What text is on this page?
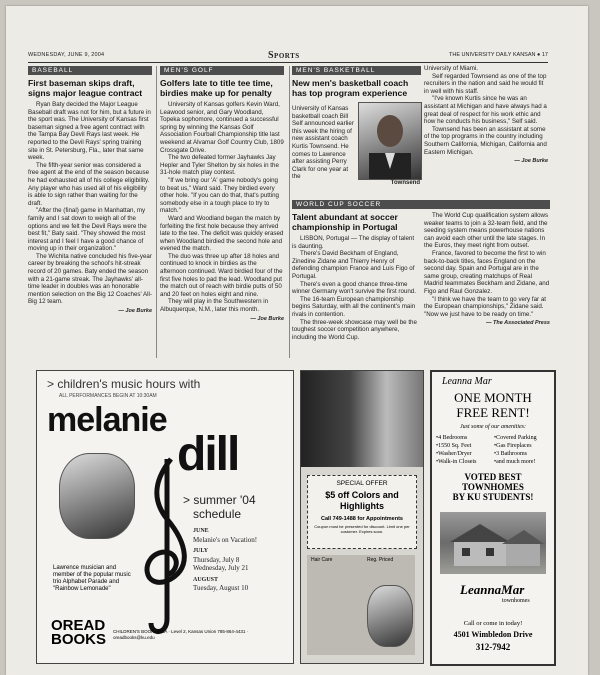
WEDNESDAY, JUNE 9, 2004	Sports	THE UNIVERSITY DAILY KANSAN ● 17
BASEBALL
First baseman skips draft, signs major league contract

Ryan Baty decided the Major League Baseball draft was not for him, but a future in the sport was. The University of Kansas first baseman signed a free agent contract with the Tampa Bay Devil Rays last week. He reported to the Devil Rays' spring training site in St. Petersburg, Fla., later that same week.

The fifth-year senior was considered a free agent at the end of the season because he had exhausted all of his college eligibility. Any player who has used all of his eligibility is able to sign rather than waiting for the draft.

"After the (final) game in Manhattan, my family and I sat down to weigh all of the options and we felt the Devil Rays were the best fit," Baty said. "They showed the most interest and I feel I have a good chance of moving up in their organization."

The Wichita native concluded his five-year career by breaking the school's hit-streak record of 20 games. Baty ended the season with a 21-game streak. The Jayhawks' all-time leader in doubles was an honorable mention selection on the Big 12 Coaches' All-Big 12 team.

— Joe Burke
MEN'S GOLF
Golfers late to title tee time, birdies make up for penalty

University of Kansas golfers Kevin Ward, Leawood senior, and Gary Woodland, Topeka sophomore, continued a successful spring by winning the Kansas Golf Association Fourball Championship title last weekend at Alvamar Golf Country Club, 1809 Crossgate Drive.

The two defeated former Jayhawks Jay Hepler and Tyler Shelton by six holes in the 31-hole match play contest.

"If we bring our 'A' game nobody's going to beat us," Ward said. They birdied every other hole. "If you can do that, that's putting somebody else in a tough place to try to match."

Ward and Woodland began the match by forfeiting the first hole because they arrived late to the tee. The deficit was quickly erased when Woodland birdied the second hole and evened the match.

The duo was three up after 18 holes and continued to knock in birdies as the afternoon continued. Ward birdied four of the first five holes to pad the lead. Woodland put the match out of reach with birdie putts of 50 and 20 feet on holes eight and nine.

They will play in the Southwestern in Albuquerque, N.M., later this month.

— Joe Burke
MEN'S BASKETBALL
New men's basketball coach has top program experience
University of Kansas basketball coach Bill Self announced earlier this week the hiring of new assistant coach Kurtis Townsend. He comes to Lawrence after assisting Perry Clark for one year at the
Townsend

University of Miami.

Self regarded Townsend as one of the top recruiters in the nation and said he would fit in well with his staff.

"I've known Kurtis since he was an assistant at Michigan and have always had a great deal of respect for his work ethic and how he conducts his business," Self said.

Townsend has been an assistant at some of the top programs in the country including Southern California, Michigan, California and Eastern Michigan.

— Joe Burke
WORLD CUP SOCCER
Talent abundant at soccer championship in Portugal

LISBON, Portugal — The display of talent is daunting.

There's David Beckham of England, Zinedine Zidane and Thierry Henry of defending champion France and Luis Figo of Portugal.

There's even a good chance three-time winner Germany won't survive the first round.

The 16-team European championship begins Saturday, with all the continent's main rivals in contention.

The three-week showcase may well be the toughest soccer competition anywhere, including the World Cup.

The World Cup qualification system allows weaker teams to join a 32-team field, and the seeding system means powerhouse nations can avoid each other until the late stages. In the Euros, they meet right from outset.

France, favored to become the first to win back-to-back titles, faces England on the second day. Spain and Portugal are in the same group, creating matchups of Real Madrid teammates Beckham and Zidane, and Figo and Raul Gonzalez.

"I think we have the team to go very far at the European championships," Zidane said. "Now we just have to be ready on time."

— The Associated Press
> children's music hours with
ALL PERFORMANCES BEGIN AT 10:30AM
melanie
dill
> summer '04
schedule
JUNE
Melanie's on Vacation!
JULY
Thursday, July 8
Wednesday, July 21
AUGUST
Tuesday, August 10
Lawrence musician and member of the popular music trio Alphabet Parade and "Rainbow Lemonade"
OREAD
BOOKS CHILDREN'S BOOK AREA · Level 2, Kansas Union 785-864-4431 · oreadbooks@ku.edu
SPECIAL OFFER
$5 off Colors and Highlights
Call 749-1488 for Appointments
Coupon must be presented for discount. Limit one per customer. Expires soon.
Hair Care	Reg. Priced
Leanna Mar
ONE MONTH
FREE RENT!
Just some of our amenities:
•4 Bedrooms
•1550 Sq. Feet
•Washer/Dryer
•Walk-in Closets
•Covered Parking
•Gas Fireplaces
•3 Bathrooms
•and much more!
VOTED BEST
TOWNHOMES
BY KU STUDENTS!
LeannaMar
townhomes
Call or come in today!
4501 Wimbledon Drive
312-7942
